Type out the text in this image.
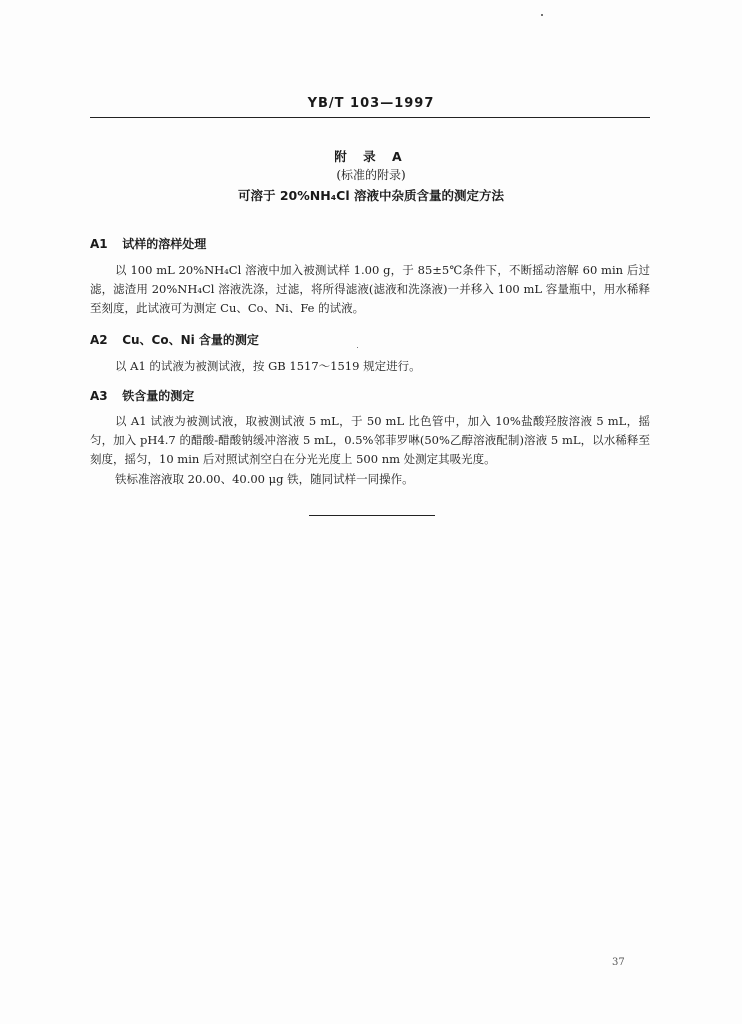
YB/T 103—1997
附 录 A
(标准的附录)
可溶于 20%NH₄Cl 溶液中杂质含量的测定方法
A1 试样的溶样处理
以 100 mL 20%NH₄Cl 溶液中加入被测试样 1.00 g，于 85±5℃条件下，不断摇动溶解 60 min 后过滤，滤渣用 20%NH₄Cl 溶液洗涤，过滤，将所得滤液(滤液和洗涤液)一并移入 100 mL 容量瓶中，用水稀释至刻度，此试液可为测定 Cu、Co、Ni、Fe 的试液。
A2 Cu、Co、Ni 含量的测定
以 A1 的试液为被测试液，按 GB 1517～1519 规定进行。
A3 铁含量的测定
以 A1 试液为被测试液，取被测试液 5 mL，于 50 mL 比色管中，加入 10%盐酸羟胺溶液 5 mL，摇匀，加入 pH4.7 的醋酸-醋酸钠缓冲溶液 5 mL，0.5%邻菲罗啉(50%乙醇溶液配制)溶液 5 mL，以水稀释至刻度，摇匀，10 min 后对照试剂空白在分光光度上 500 nm 处测定其吸光度。
铁标准溶液取 20.00、40.00 μg 铁，随同试样一同操作。
37
